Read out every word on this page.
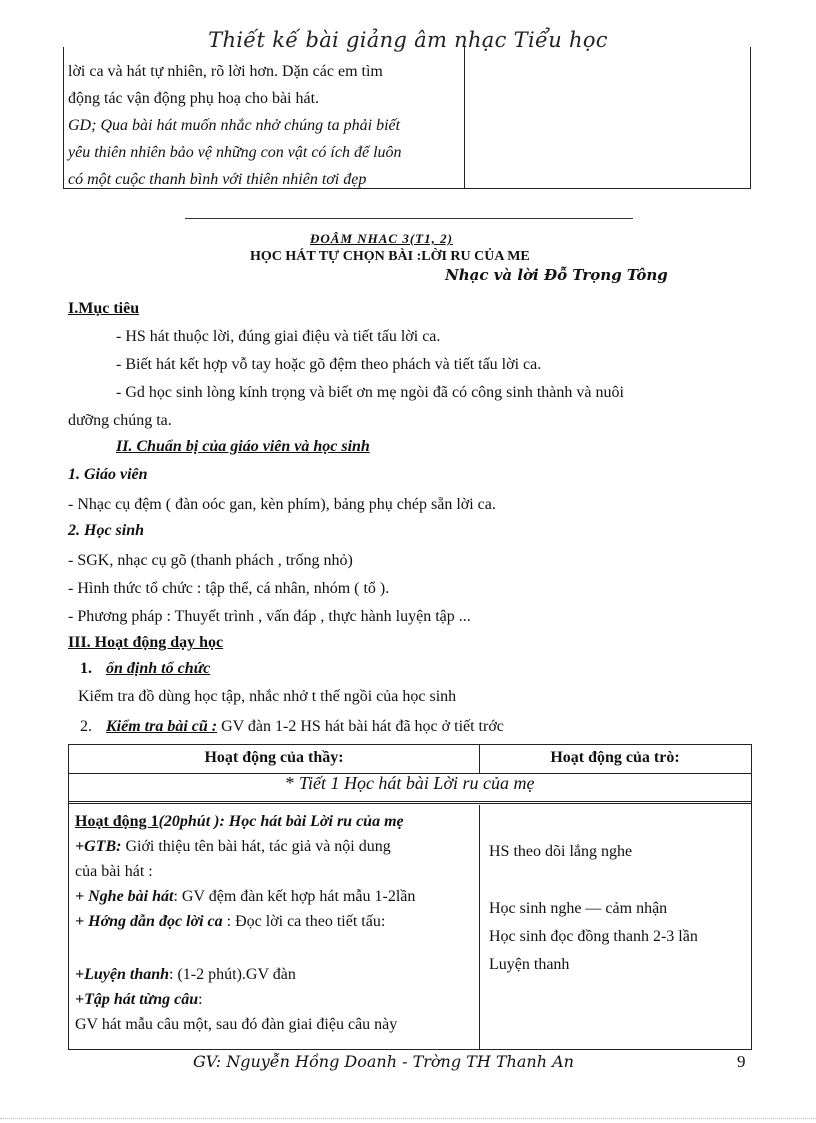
Thiết kế bài giảng âm nhạc Tiểu học
lời ca và hát tự nhiên, rõ lời hơn. Dặn các em tìm
động tác vận động phụ hoạ cho bài hát.
GD; Qua bài hát muốn nhắc nhở chúng ta phải biết
yêu thiên nhiên bảo vệ những con vật có ích để luôn
có một cuộc thanh bình với thiên nhiên tơi đẹp
ĐOÂM NHAC 3(T1, 2)
HỌC HÁT TỰ CHỌN BÀI :LỜI RU CỦA ME
Nhạc và lời Đỗ Trọng Tông
I.Mục tiêu
- HS hát thuộc lời, đúng giai điệu và tiết tấu lời ca.
- Biết hát kết hợp vỗ tay hoặc gõ đệm theo phách và tiết tấu lời ca.
- Gd học sinh lòng kính trọng và biết ơn mẹ ngòi đã có công sinh thành và nuôi
dưỡng chúng ta.
II. Chuẩn bị của giáo viên và học sinh
1. Giáo viên
- Nhạc cụ đệm ( đàn oóc gan, kèn phím), bảng phụ chép sẵn lời ca.
2. Học sinh
- SGK, nhạc cụ gõ (thanh phách , trống nhỏ)
- Hình thức tổ chức : tập thể, cá nhân, nhóm ( tổ ).
- Phương pháp : Thuyết trình , vấn đáp , thực hành luyện tập ...
III. Hoạt động dạy học
1. ổn định tổ chức
Kiểm tra đồ dùng học tập, nhắc nhở t thế ngồi của học sinh
2. Kiểm tra bài cũ : GV đàn 1-2 HS hát bài hát đã học ở tiết trớc
Hoạt động của thầy:	Hoạt động của trò:
* Tiết 1 Học hát bài Lời ru của mẹ
Hoạt động 1(20phút ): Học hát bài Lời ru của mẹ
+GTB: Giới thiệu tên bài hát, tác giả và nội dung
của bài hát :
+ Nghe bài hát: GV đệm đàn kết hợp hát mẫu 1-2lần
+ Hớng dẫn đọc lời ca : Đọc lời ca theo tiết tấu:
+Luyện thanh: (1-2 phút).GV đàn
+Tập hát từng câu:
GV hát mẫu câu một, sau đó đàn giai điệu câu này
HS theo dõi lắng nghe
Học sinh nghe — cảm nhận
Học sinh đọc đồng thanh 2-3 lần
Luyện thanh
GV: Nguyễn Hồng Doanh - Trờng TH Thanh An	9
